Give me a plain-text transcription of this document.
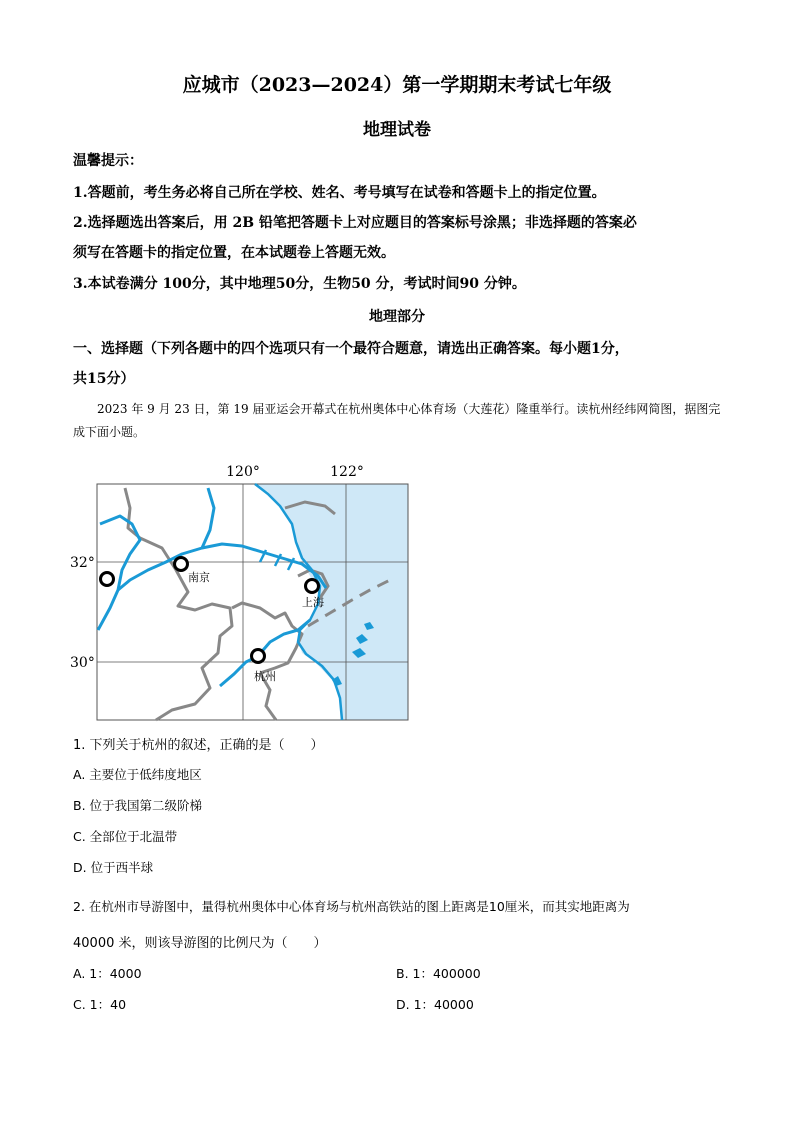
应城市（2023—2024）第一学期期末考试七年级
地理试卷
温馨提示：
1.答题前，考生务必将自己所在学校、姓名、考号填写在试卷和答题卡上的指定位置。
2.选择题选出答案后，用 2B 铅笔把答题卡上对应题目的答案标号涂黑；非选择题的答案必
须写在答题卡的指定位置，在本试题卷上答题无效。
3.本试卷满分 100分，其中地理50分，生物50 分，考试时间90 分钟。
地理部分
一、选择题（下列各题中的四个选项只有一个最符合题意，请选出正确答案。每小题1分，
共15分）
2023 年 9 月 23 日，第 19 届亚运会开幕式在杭州奥体中心体育场（大莲花）隆重举行。读杭州经纬网简图，据图完成下面小题。
120°	122°
32°
30°
南京
上海
杭州
1. 下列关于杭州的叙述，正确的是（　　）
A. 主要位于低纬度地区
B. 位于我国第二级阶梯
C. 全部位于北温带
D. 位于西半球
2. 在杭州市导游图中，量得杭州奥体中心体育场与杭州高铁站的图上距离是10厘米，而其实地距离为
40000 米，则该导游图的比例尺为（　　）
A. 1：4000	B. 1：400000
C. 1：40	D. 1：40000
